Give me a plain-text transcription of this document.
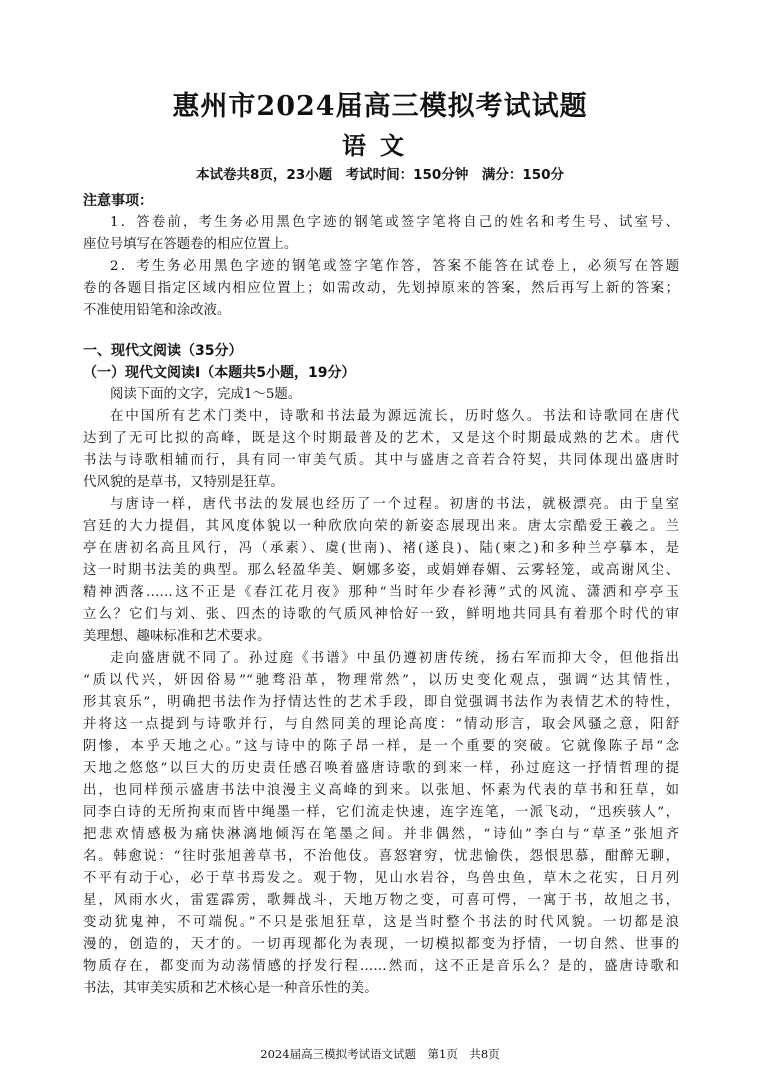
惠州市2024届高三模拟考试试题
语文
本试卷共8页，23小题　考试时间：150分钟　满分：150分
注意事项：
1．答卷前，考生务必用黑色字迹的钢笔或签字笔将自己的姓名和考生号、试室号、
座位号填写在答题卷的相应位置上。
2．考生务必用黑色字迹的钢笔或签字笔作答，答案不能答在试卷上，必须写在答题
卷的各题目指定区域内相应位置上；如需改动，先划掉原来的答案，然后再写上新的答案；
不准使用铅笔和涂改液。
一、现代文阅读（35分）
（一）现代文阅读Ⅰ（本题共5小题，19分）
阅读下面的文字，完成1～5题。
在中国所有艺术门类中，诗歌和书法最为源远流长，历时悠久。书法和诗歌同在唐代
达到了无可比拟的高峰，既是这个时期最普及的艺术，又是这个时期最成熟的艺术。唐代
书法与诗歌相辅而行，具有同一审美气质。其中与盛唐之音若合符契，共同体现出盛唐时
代风貌的是草书，又特别是狂草。
与唐诗一样，唐代书法的发展也经历了一个过程。初唐的书法，就极漂亮。由于皇室
宫廷的大力提倡，其风度体貌以一种欣欣向荣的新姿态展现出来。唐太宗酷爱王羲之。兰
亭在唐初名高且风行，冯（承素）、虞(世南)、褚(遂良)、陆(柬之)和多种兰亭摹本，是
这一时期书法美的典型。那么轻盈华美、婀娜多姿，或娟婵春媚、云雾轻笼，或高谢风尘、
精神洒落……这不正是《春江花月夜》那种“当时年少春衫薄”式的风流、潇洒和亭亭玉
立么？它们与刘、张、四杰的诗歌的气质风神恰好一致，鲜明地共同具有着那个时代的审
美理想、趣味标准和艺术要求。
走向盛唐就不同了。孙过庭《书谱》中虽仍遵初唐传统，扬右军而抑大令，但他指出
“质以代兴，妍因俗易”“驰骛沿革，物理常然”，以历史变化观点，强调“达其情性，
形其哀乐”，明确把书法作为抒情达性的艺术手段，即自觉强调书法作为表情艺术的特性，
并将这一点提到与诗歌并行，与自然同美的理论高度：“情动形言，取会风骚之意，阳舒
阴惨，本乎天地之心。”这与诗中的陈子昂一样，是一个重要的突破。它就像陈子昂“念
天地之悠悠”以巨大的历史责任感召唤着盛唐诗歌的到来一样，孙过庭这一抒情哲理的提
出，也同样预示盛唐书法中浪漫主义高峰的到来。以张旭、怀素为代表的草书和狂草，如
同李白诗的无所拘束而皆中绳墨一样，它们流走快速，连字连笔，一派飞动，“迅疾骇人”，
把悲欢情感极为痛快淋漓地倾泻在笔墨之间。并非偶然，“诗仙”李白与“草圣”张旭齐
名。韩愈说：“往时张旭善草书，不治他伎。喜怒窘穷，忧悲愉佚，怨恨思慕，酣醉无聊，
不平有动于心，必于草书焉发之。观于物，见山水岩谷，鸟兽虫鱼，草木之花实，日月列
星，风雨水火，雷霆霹雳，歌舞战斗，天地万物之变，可喜可愕，一寓于书，故旭之书，
变动犹鬼神，不可端倪。”不只是张旭狂草，这是当时整个书法的时代风貌。一切都是浪
漫的，创造的，天才的。一切再现都化为表现，一切模拟都变为抒情，一切自然、世事的
物质存在，都变而为动荡情感的抒发行程……然而，这不正是音乐么？是的，盛唐诗歌和
书法，其审美实质和艺术核心是一种音乐性的美。
2024届高三模拟考试语文试题　第1页　共8页
